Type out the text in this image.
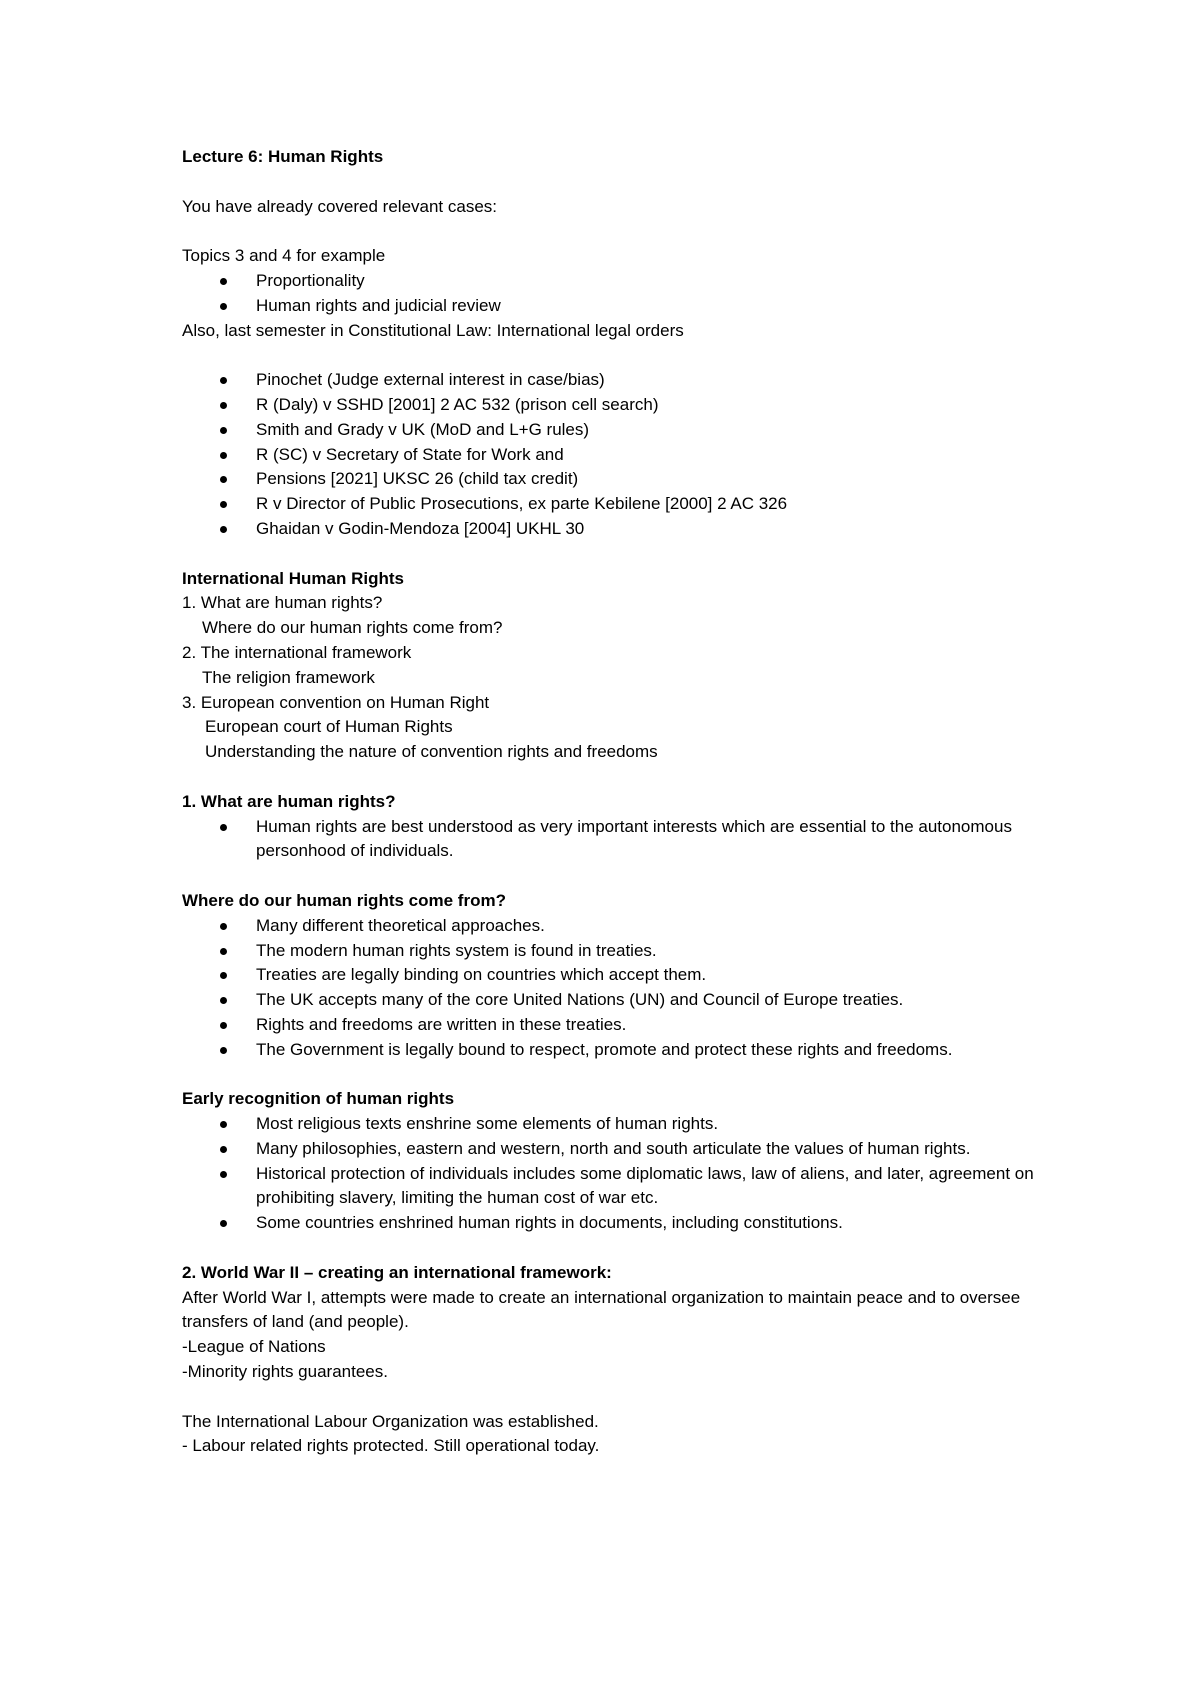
Lecture 6: Human Rights
You have already covered relevant cases:
Topics 3 and 4 for example
Proportionality
Human rights and judicial review
Also, last semester in Constitutional Law: International legal orders
Pinochet (Judge external interest in case/bias)
R (Daly) v SSHD [2001] 2 AC 532 (prison cell search)
Smith and Grady v UK (MoD and L+G rules)
R (SC) v Secretary of State for Work and
Pensions [2021] UKSC 26 (child tax credit)
R v Director of Public Prosecutions, ex parte Kebilene [2000] 2 AC 326
Ghaidan v Godin-Mendoza [2004] UKHL 30
International Human Rights
1. What are human rights?
Where do our human rights come from?
2. The international framework
The religion framework
3. European convention on Human Right
European court of Human Rights
Understanding the nature of convention rights and freedoms
1. What are human rights?
Human rights are best understood as very important interests which are essential to the autonomous personhood of individuals.
Where do our human rights come from?
Many different theoretical approaches.
The modern human rights system is found in treaties.
Treaties are legally binding on countries which accept them.
The UK accepts many of the core United Nations (UN) and Council of Europe treaties.
Rights and freedoms are written in these treaties.
The Government is legally bound to respect, promote and protect these rights and freedoms.
Early recognition of human rights
Most religious texts enshrine some elements of human rights.
Many philosophies, eastern and western, north and south articulate the values of human rights.
Historical protection of individuals includes some diplomatic laws, law of aliens, and later, agreement on prohibiting slavery, limiting the human cost of war etc.
Some countries enshrined human rights in documents, including constitutions.
2. World War II – creating an international framework:
After World War I, attempts were made to create an international organization to maintain peace and to oversee transfers of land (and people).
-League of Nations
-Minority rights guarantees.
The International Labour Organization was established.
- Labour related rights protected. Still operational today.
